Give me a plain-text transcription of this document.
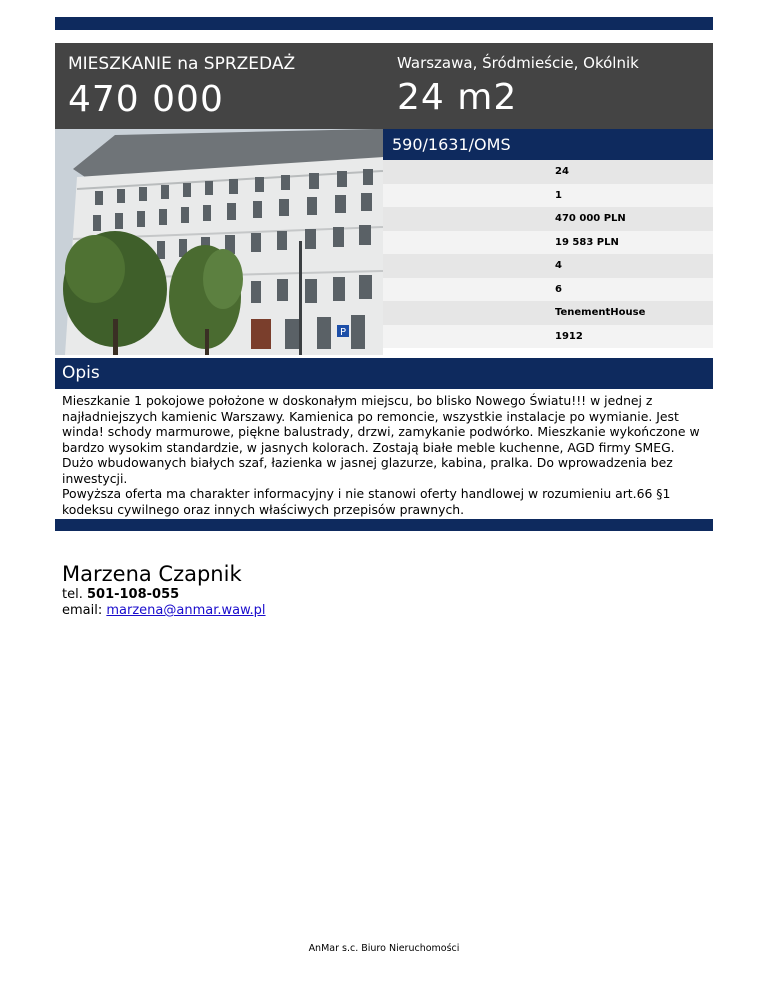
MIESZKANIE na SPRZEDAŻ
470 000
Warszawa, Śródmieście, Okólnik
24 m2
P
590/1631/OMS
24
1
470 000 PLN
19 583 PLN
4
6
TenementHouse
1912
Opis

Mieszkanie 1 pokojowe położone w doskonałym miejscu, bo blisko Nowego Światu!!! w jednej z najładniejszych kamienic Warszawy. Kamienica po remoncie, wszystkie instalacje po wymianie. Jest winda! schody marmurowe, piękne balustrady, drzwi, zamykanie podwórko. Mieszkanie wykończone w bardzo wysokim standardzie, w jasnych kolorach. Zostają białe meble kuchenne, AGD firmy SMEG. Dużo wbudowanych białych szaf, łazienka w jasnej glazurze, kabina, pralka. Do wprowadzenia bez inwestycji.

Powyższa oferta ma charakter informacyjny i nie stanowi oferty handlowej w rozumieniu art.66 §1 kodeksu cywilnego oraz innych właściwych przepisów prawnych.

Marzena Czapnik
tel. 501-108-055
email: marzena@anmar.waw.pl
AnMar s.c. Biuro Nieruchomości
